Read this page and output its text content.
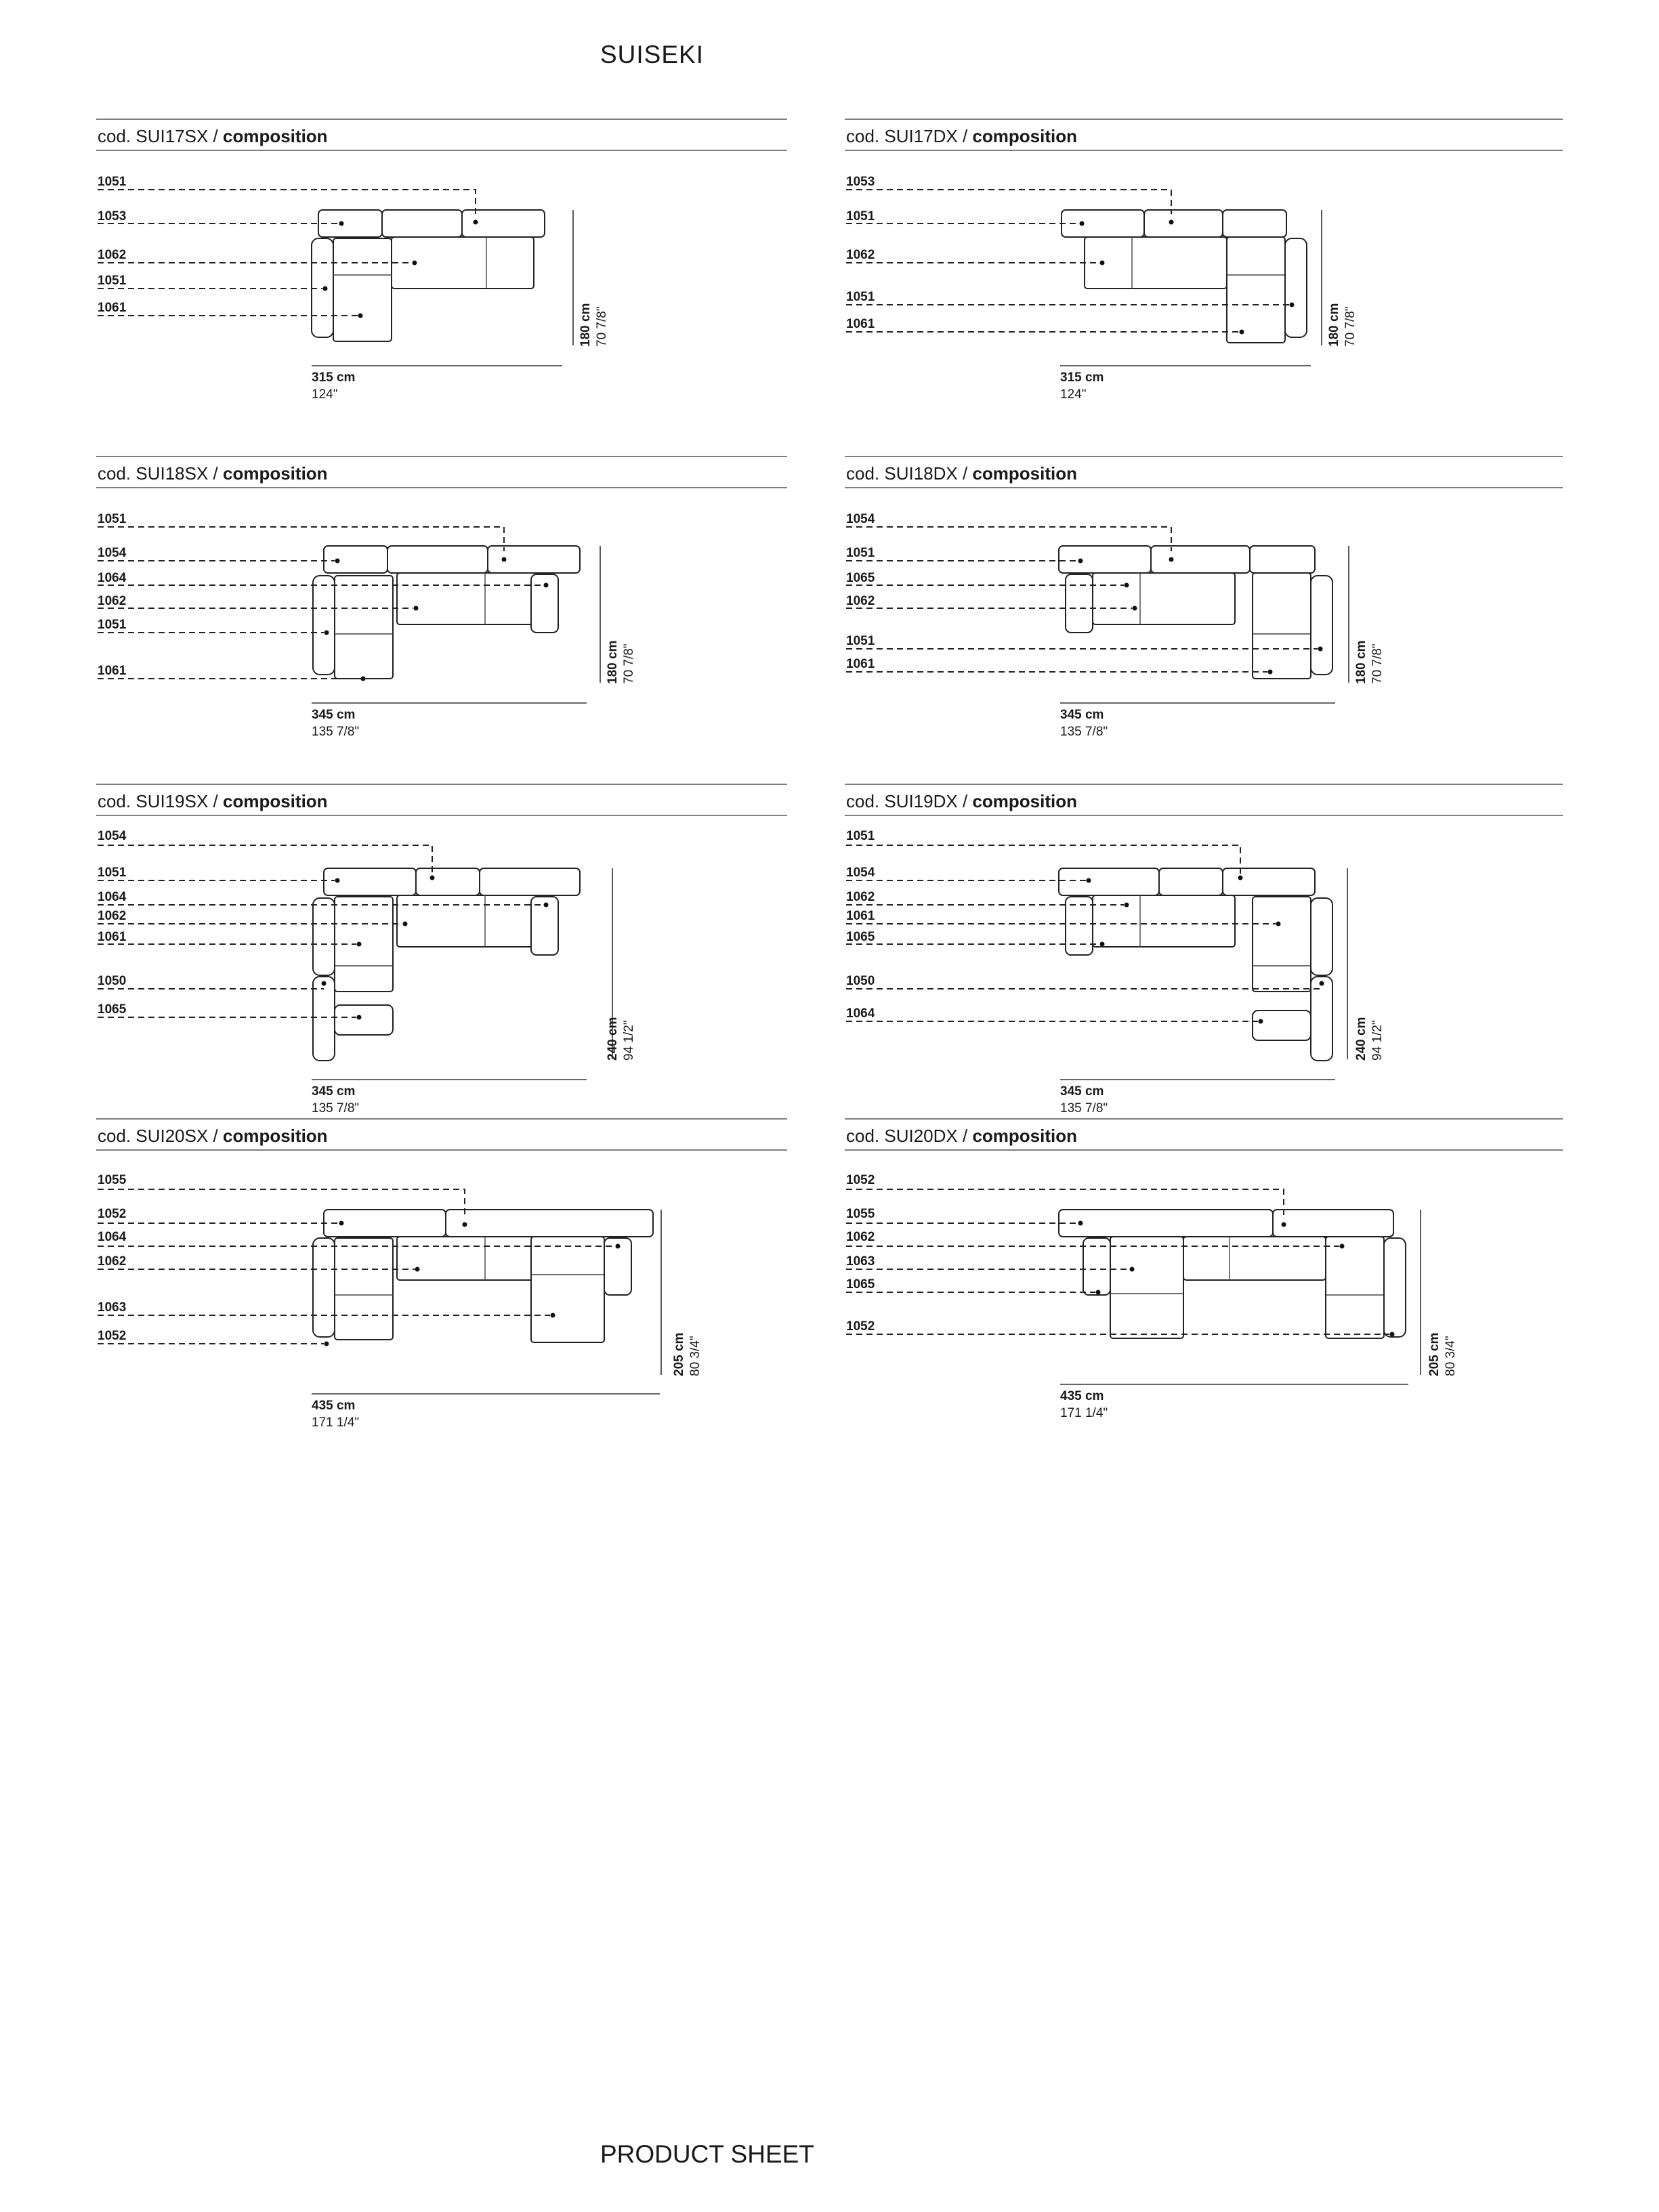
SUISEKI
cod. SUI17SX / composition
1051
1053
1062
1051
1061
315 cm
124"
180 cm 70 7/8"
cod. SUI17DX / composition
1053
1051
1062
1051
1061
315 cm
124"
180 cm 70 7/8"
cod. SUI18SX / composition
1051
1054
1064
1062
1051
1061
345 cm
135 7/8"
180 cm 70 7/8"
cod. SUI18DX / composition
1054
1051
1065
1062
1051
1061
345 cm
135 7/8"
180 cm 70 7/8"
cod. SUI19SX / composition
1054
1051
1064
1062
1061
1050
1065
345 cm
135 7/8"
240 cm 94 1/2"
cod. SUI19DX / composition
1051
1054
1062
1061
1065
1050
1064
345 cm
135 7/8"
240 cm 94 1/2"
cod. SUI20SX / composition
1055
1052
1064
1062
1063
1052
435 cm
171 1/4"
205 cm 80 3/4"
cod. SUI20DX / composition
1052
1055
1062
1063
1065
1052
435 cm
171 1/4"
205 cm 80 3/4"
PRODUCT SHEET
